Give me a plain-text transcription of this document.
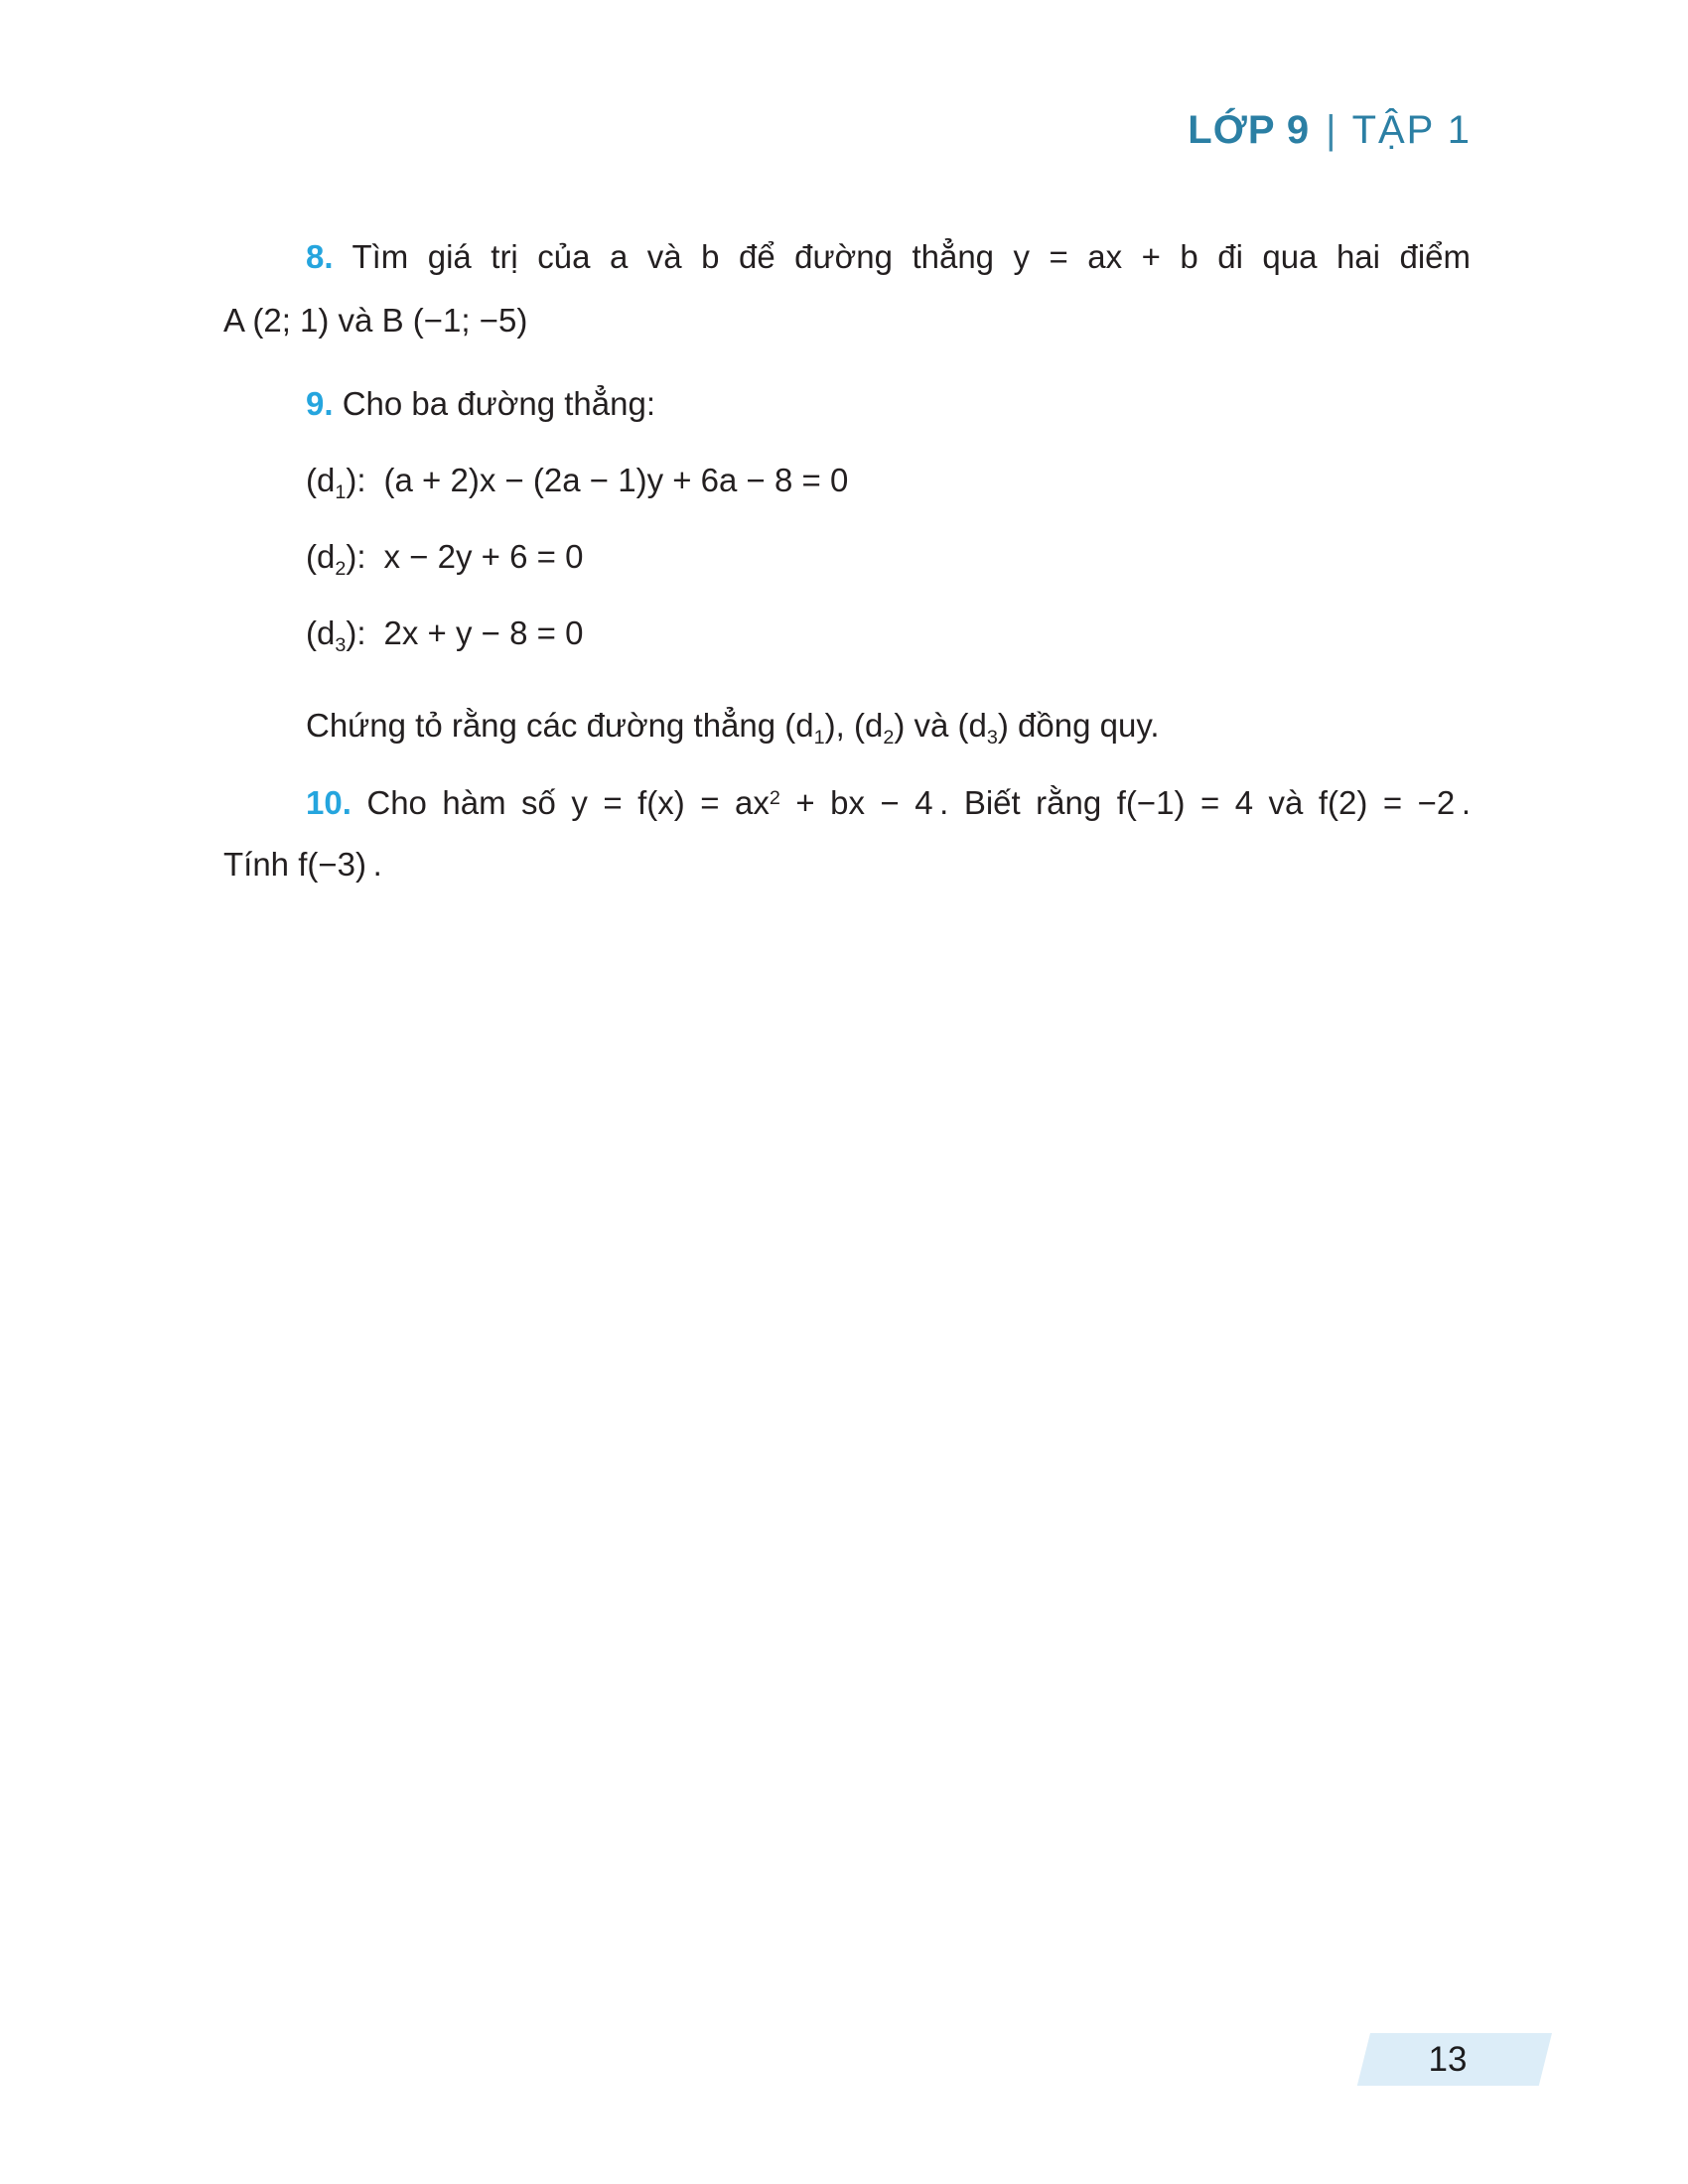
LỚP 9 | TẬP 1
8. Tìm giá trị của a và b để đường thẳng y = ax + b đi qua hai điểm
A (2; 1) và B (−1; −5)
9. Cho ba đường thẳng:
$(d_1)$: (a + 2)x − (2a − 1)y + 6a − 8 = 0
$(d_2)$: x − 2y + 6 = 0
$(d_3)$: 2x + y − 8 = 0
Chứng tỏ rằng các đường thẳng $(d_1)$, $(d_2)$ và $(d_3)$ đồng quy.
10. Cho hàm số $y = f(x) = ax^2$ + bx − 4 . Biết rằng f(−1) = 4 và f(2) = −2 .
Tính f(−3) .
13
